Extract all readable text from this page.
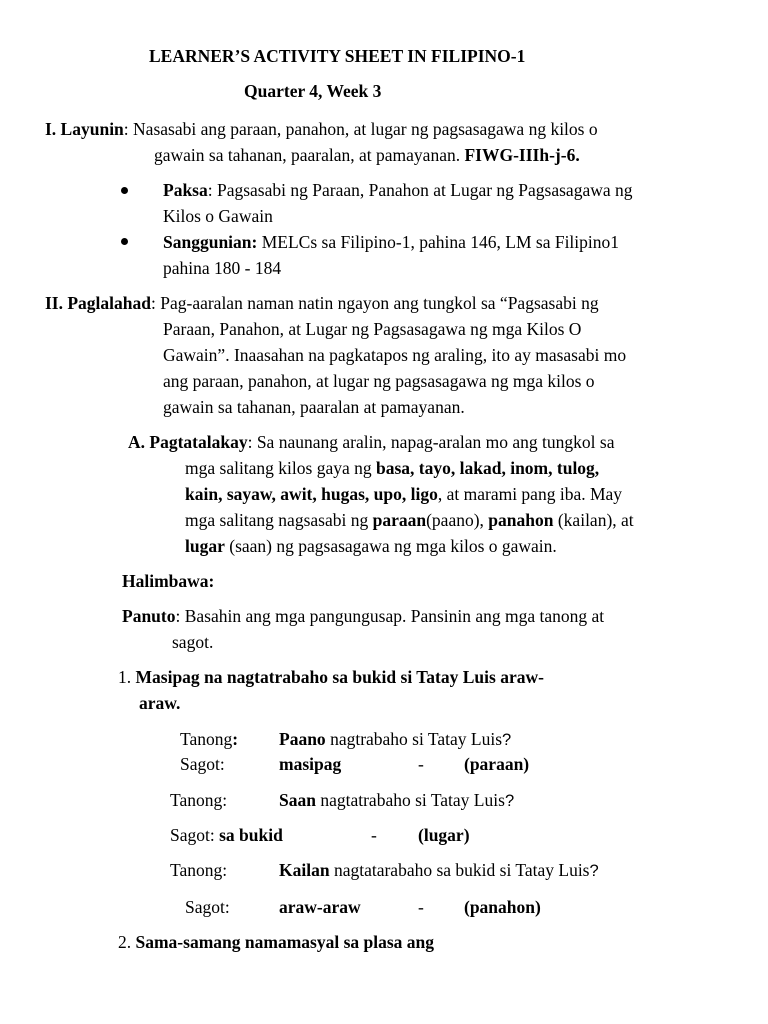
LEARNER’S ACTIVITY SHEET IN FILIPINO-1
Quarter 4, Week 3
I. Layunin: Nasasabi ang paraan, panahon, at lugar ng pagsasagawa ng kilos o
gawain sa tahanan, paaralan, at pamayanan. FIWG-IIIh-j-6.
Paksa: Pagsasabi ng Paraan, Panahon at Lugar ng Pagsasagawa ng
Kilos o Gawain
Sanggunian: MELCs sa Filipino-1, pahina 146, LM sa Filipino1
pahina 180 - 184
II. Paglalahad: Pag-aaralan naman natin ngayon ang tungkol sa “Pagsasabi ng
Paraan, Panahon, at Lugar ng Pagsasagawa ng mga Kilos O
Gawain”. Inaasahan na pagkatapos ng araling, ito ay masasabi mo
ang paraan, panahon, at lugar ng pagsasagawa ng mga kilos o
gawain sa tahanan, paaralan at pamayanan.
A. Pagtatalakay: Sa naunang aralin, napag-aralan mo ang tungkol sa
mga salitang kilos gaya ng basa, tayo, lakad, inom, tulog,
kain, sayaw, awit, hugas, upo, ligo, at marami pang iba. May
mga salitang nagsasabi ng paraan(paano), panahon (kailan), at
lugar (saan) ng pagsasagawa ng mga kilos o gawain.
Halimbawa:
Panuto: Basahin ang mga pangungusap. Pansinin ang mga tanong at
sagot.
1. Masipag na nagtatrabaho sa bukid si Tatay Luis araw-
araw.
Tanong: Paano nagtrabaho si Tatay Luis?
Sagot:	masipag	- (paraan)
Tanong:	Saan nagtatrabaho si Tatay Luis?
Sagot: sa bukid	- (lugar)
Tanong:	Kailan nagtatarabaho sa bukid si Tatay Luis?
Sagot:	araw-araw	- (panahon)
2. Sama-samang namamasyal sa plasa ang
